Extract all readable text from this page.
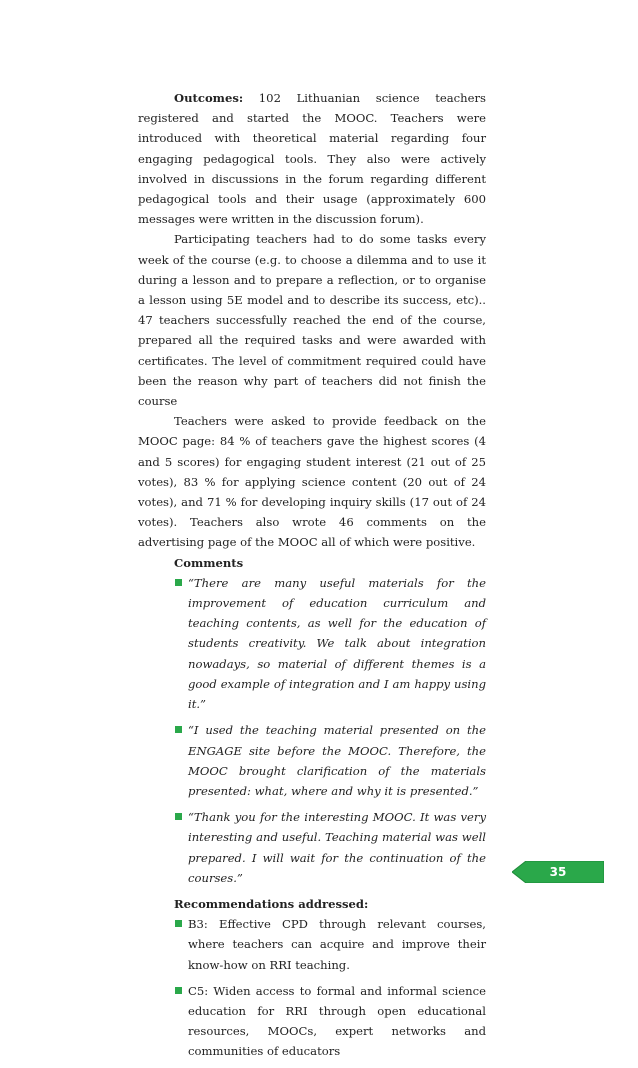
Outcomes: 102 Lithuanian science teachers registered and started the MOOC. Teachers were introduced with theoretical material regarding four engaging pedagogical tools. They also were actively involved in discussions in the forum regarding different pedagogical tools and their usage (approximately 600 messages were written in the discussion forum).

Participating teachers had to do some tasks every week of the course (e.g. to choose a dilemma and to use it during a lesson and to prepare a reflection, or to organise a lesson using 5E model and to describe its success, etc).. 47 teachers successfully reached the end of the course, prepared all the required tasks and were awarded with certificates. The level of commitment required could have been the reason why part of teachers did not finish the course

Teachers were asked to provide feedback on the MOOC page: 84 % of teachers gave the highest scores (4 and 5 scores) for engaging student interest (21 out of 25 votes), 83 % for applying science content (20 out of 24 votes), and 71 % for developing inquiry skills (17 out of 24 votes). Teachers also wrote 46 comments on the advertising page of the MOOC all of which were positive.

Comments
“There are many useful materials for the improvement of education curriculum and teaching contents, as well for the education of students creativity. We talk about integration nowadays, so material of different themes is a good example of integration and I am happy using it.”
“I used the teaching material presented on the ENGAGE site before the MOOC. Therefore, the MOOC brought clarification of the materials presented: what, where and why it is presented.”
“Thank you for the interesting MOOC. It was very interesting and useful. Teaching material was well prepared. I will wait for the continuation of the courses.”
Recommendations addressed:
B3: Effective CPD through relevant courses, where teachers can acquire and improve their know-how on RRI teaching.
C5: Widen access to formal and informal science education for RRI through open educational resources, MOOCs, expert networks and communities of educators
35
